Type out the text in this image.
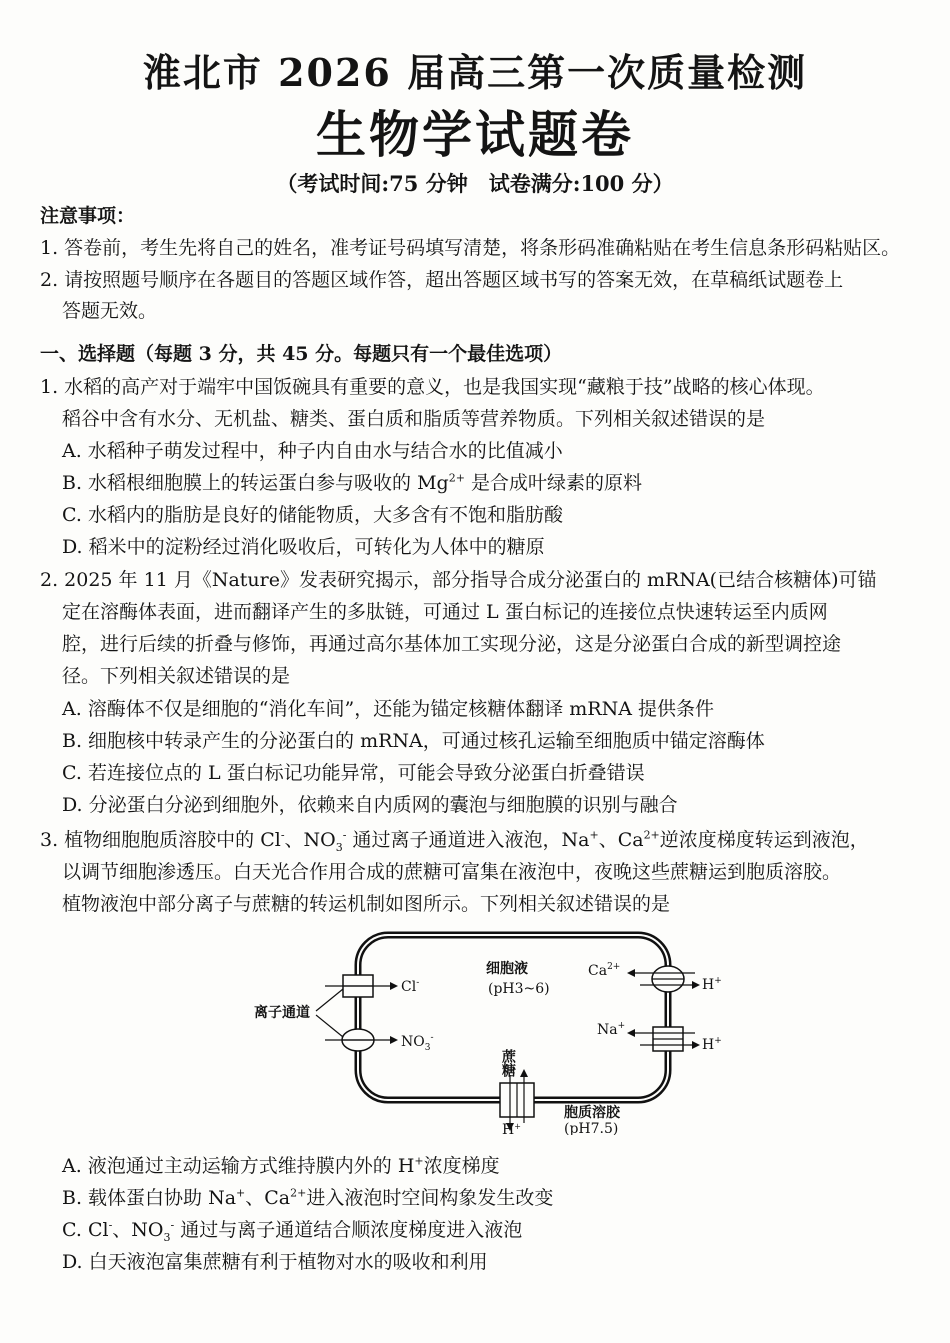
淮北市 2026 届高三第一次质量检测
生物学试题卷
（考试时间:75 分钟　试卷满分:100 分）
注意事项：
1. 答卷前，考生先将自己的姓名，准考证号码填写清楚，将条形码准确粘贴在考生信息条形码粘贴区。
2. 请按照题号顺序在各题目的答题区域作答，超出答题区域书写的答案无效，在草稿纸试题卷上
答题无效。
一、选择题（每题 3 分，共 45 分。每题只有一个最佳选项）
1. 水稻的高产对于端牢中国饭碗具有重要的意义，也是我国实现“藏粮于技”战略的核心体现。
稻谷中含有水分、无机盐、糖类、蛋白质和脂质等营养物质。下列相关叙述错误的是
A. 水稻种子萌发过程中，种子内自由水与结合水的比值减小
B. 水稻根细胞膜上的转运蛋白参与吸收的 $Mg^{2+}$ 是合成叶绿素的原料
C. 水稻内的脂肪是良好的储能物质，大多含有不饱和脂肪酸
D. 稻米中的淀粉经过消化吸收后，可转化为人体中的糖原
2. 2025 年 11 月《Nature》发表研究揭示，部分指导合成分泌蛋白的 mRNA(已结合核糖体)可锚
定在溶酶体表面，进而翻译产生的多肽链，可通过 L 蛋白标记的连接位点快速转运至内质网
腔，进行后续的折叠与修饰，再通过高尔基体加工实现分泌，这是分泌蛋白合成的新型调控途
径。下列相关叙述错误的是
A. 溶酶体不仅是细胞的“消化车间”，还能为锚定核糖体翻译 mRNA 提供条件
B. 细胞核中转录产生的分泌蛋白的 mRNA，可通过核孔运输至细胞质中锚定溶酶体
C. 若连接位点的 L 蛋白标记功能异常，可能会导致分泌蛋白折叠错误
D. 分泌蛋白分泌到细胞外，依赖来自内质网的囊泡与细胞膜的识别与融合
3. 植物细胞胞质溶胶中的 Cl-、$NO_3^-$ 通过离子通道进入液泡，Na+、$Ca^{2+}$逆浓度梯度转运到液泡，
以调节细胞渗透压。白天光合作用合成的蔗糖可富集在液泡中，夜晚这些蔗糖运到胞质溶胶。
植物液泡中部分离子与蔗糖的转运机制如图所示。下列相关叙述错误的是
Cl-
$NO_3^-$
离子通道
细胞液
(pH3~6)
$Ca^{2+}$
H+
Na+
H+
蔗糖
H+
胞质溶胶
(pH7.5)
A. 液泡通过主动运输方式维持膜内外的 H+浓度梯度
B. 载体蛋白协助 Na+、$Ca^{2+}$进入液泡时空间构象发生改变
C. Cl-、$NO_3^-$ 通过与离子通道结合顺浓度梯度进入液泡
D. 白天液泡富集蔗糖有利于植物对水的吸收和利用
